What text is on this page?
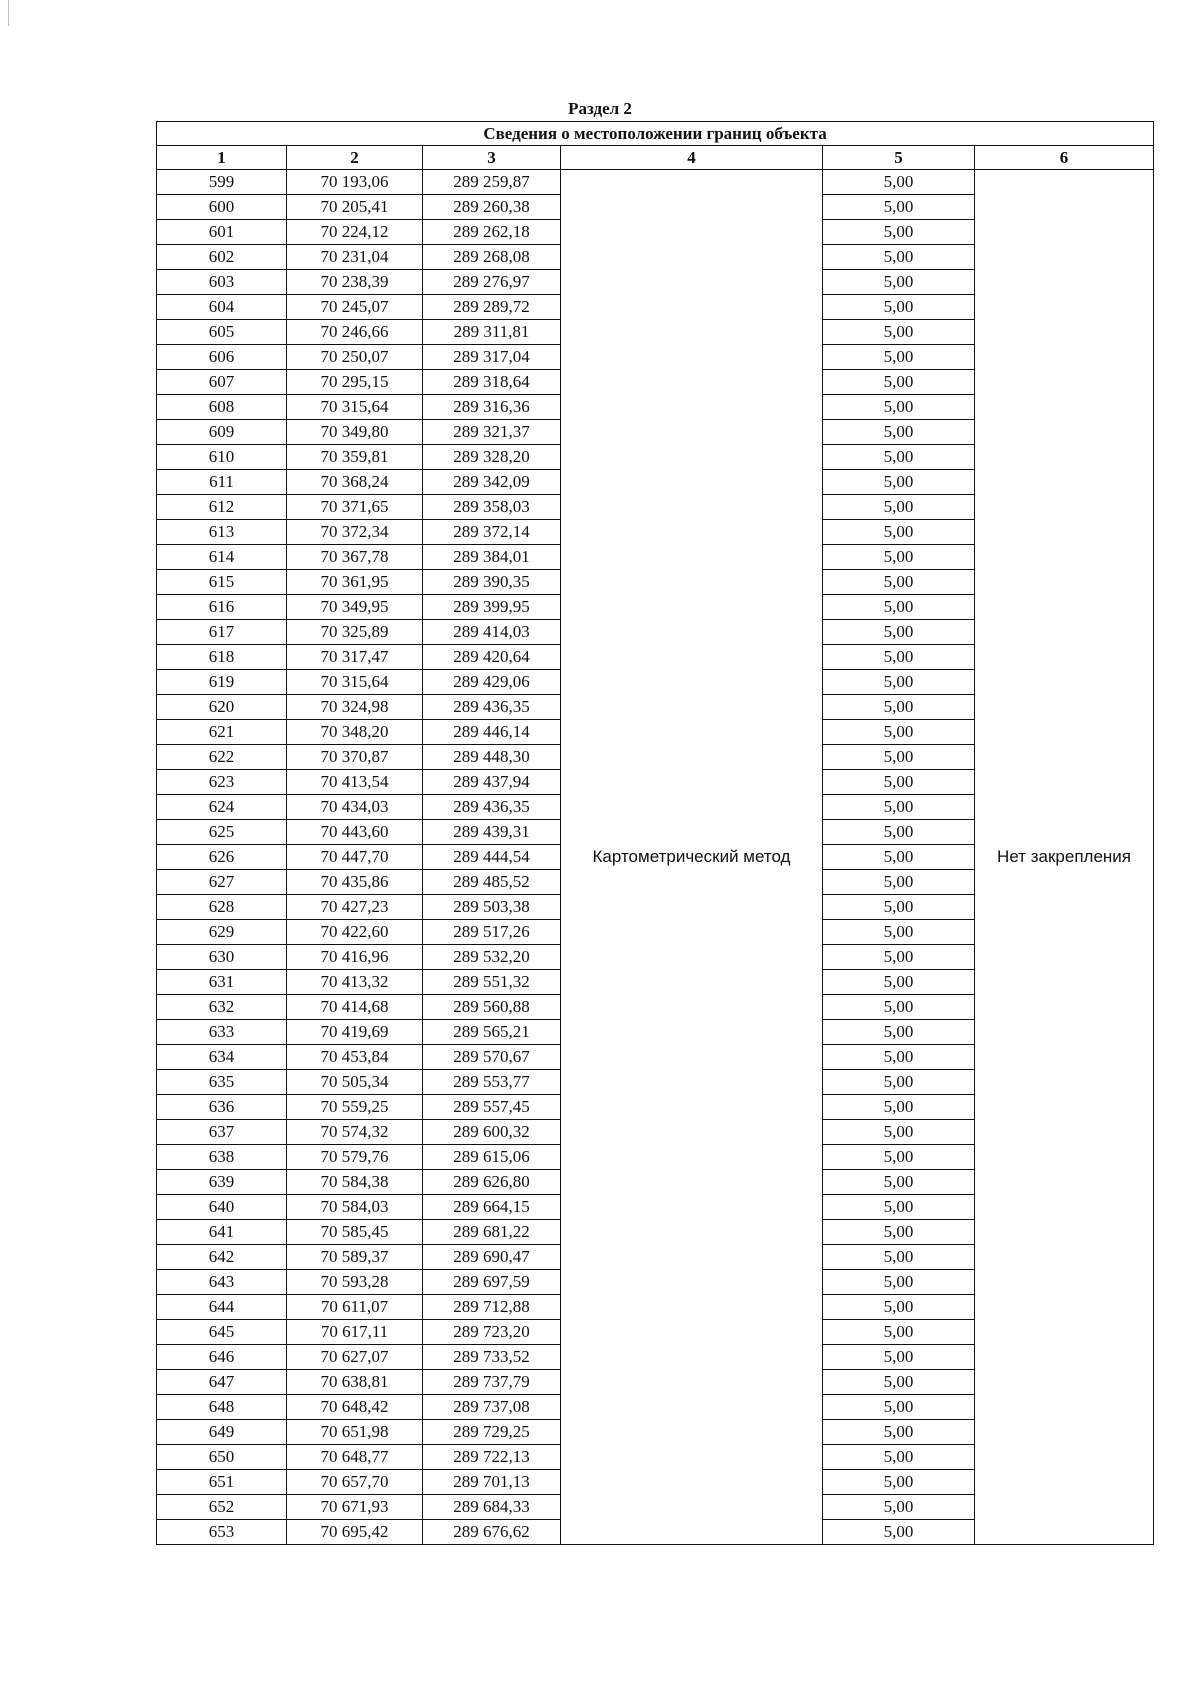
Раздел 2
Сведения о местоположении границ объекта					
1	2	3	4	5	6
599	70 193,06	289 259,87	Картометрический метод	5,00	Нет закрепления
600	70 205,41	289 260,38		5,00	
601	70 224,12	289 262,18		5,00	
602	70 231,04	289 268,08		5,00	
603	70 238,39	289 276,97		5,00	
604	70 245,07	289 289,72		5,00	
605	70 246,66	289 311,81		5,00	
606	70 250,07	289 317,04		5,00	
607	70 295,15	289 318,64		5,00	
608	70 315,64	289 316,36		5,00	
609	70 349,80	289 321,37		5,00	
610	70 359,81	289 328,20		5,00	
611	70 368,24	289 342,09		5,00	
612	70 371,65	289 358,03		5,00	
613	70 372,34	289 372,14		5,00	
614	70 367,78	289 384,01		5,00	
615	70 361,95	289 390,35		5,00	
616	70 349,95	289 399,95		5,00	
617	70 325,89	289 414,03		5,00	
618	70 317,47	289 420,64		5,00	
619	70 315,64	289 429,06		5,00	
620	70 324,98	289 436,35		5,00	
621	70 348,20	289 446,14		5,00	
622	70 370,87	289 448,30		5,00	
623	70 413,54	289 437,94		5,00	
624	70 434,03	289 436,35		5,00	
625	70 443,60	289 439,31		5,00	
626	70 447,70	289 444,54		5,00	
627	70 435,86	289 485,52		5,00	
628	70 427,23	289 503,38		5,00	
629	70 422,60	289 517,26		5,00	
630	70 416,96	289 532,20		5,00	
631	70 413,32	289 551,32		5,00	
632	70 414,68	289 560,88		5,00	
633	70 419,69	289 565,21		5,00	
634	70 453,84	289 570,67		5,00	
635	70 505,34	289 553,77		5,00	
636	70 559,25	289 557,45		5,00	
637	70 574,32	289 600,32		5,00	
638	70 579,76	289 615,06		5,00	
639	70 584,38	289 626,80		5,00	
640	70 584,03	289 664,15		5,00	
641	70 585,45	289 681,22		5,00	
642	70 589,37	289 690,47		5,00	
643	70 593,28	289 697,59		5,00	
644	70 611,07	289 712,88		5,00	
645	70 617,11	289 723,20		5,00	
646	70 627,07	289 733,52		5,00	
647	70 638,81	289 737,79		5,00	
648	70 648,42	289 737,08		5,00	
649	70 651,98	289 729,25		5,00	
650	70 648,77	289 722,13		5,00	
651	70 657,70	289 701,13		5,00	
652	70 671,93	289 684,33		5,00	
653	70 695,42	289 676,62		5,00	
